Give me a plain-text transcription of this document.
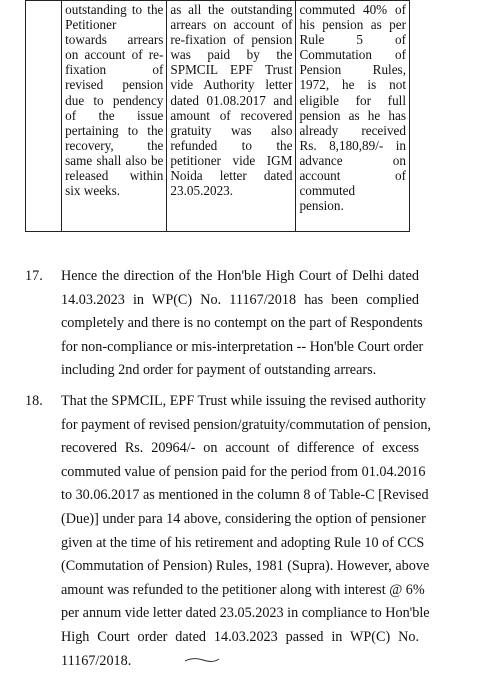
outstanding to the
Petitioner
towards arrears
on account of re-
fixation of
revised pension
due to pendency
of the issue
pertaining to the
recovery, the
same shall also be
released within
six weeks.

as all the outstanding
arrears on account of
re-fixation of pension
was paid by the
SPMCIL EPF Trust
vide Authority letter
dated 01.08.2017 and
amount of recovered
gratuity was also
refunded to the
petitioner vide IGM
Noida letter dated
23.05.2023.

commuted 40% of
his pension as per
Rule 5 of
Commutation of
Pension Rules,
1972, he is not
eligible for full
pension as he has
already received
Rs. 8,180,89/- in
advance on
account of
commuted
pension.
17. Hence the direction of the Hon'ble High Court of Delhi dated
14.03.2023 in WP(C) No. 11167/2018 has been complied
completely and there is no contempt on the part of Respondents
for non-compliance or mis-interpretation -- Hon'ble Court order
including 2nd order for payment of outstanding arrears.
18. That the SPMCIL, EPF Trust while issuing the revised authority
for payment of revised pension/gratuity/commutation of pension,
recovered Rs. 20964/- on account of difference of excess
commuted value of pension paid for the period from 01.04.2016
to 30.06.2017 as mentioned in the column 8 of Table-C [Revised
(Due)] under para 14 above, considering the option of pensioner
given at the time of his retirement and adopting Rule 10 of CCS
(Commutation of Pension) Rules, 1981 (Supra). However, above
amount was refunded to the petitioner along with interest @ 6%
per annum vide letter dated 23.05.2023 in compliance to Hon'ble
High Court order dated 14.03.2023 passed in WP(C) No.
11167/2018.
